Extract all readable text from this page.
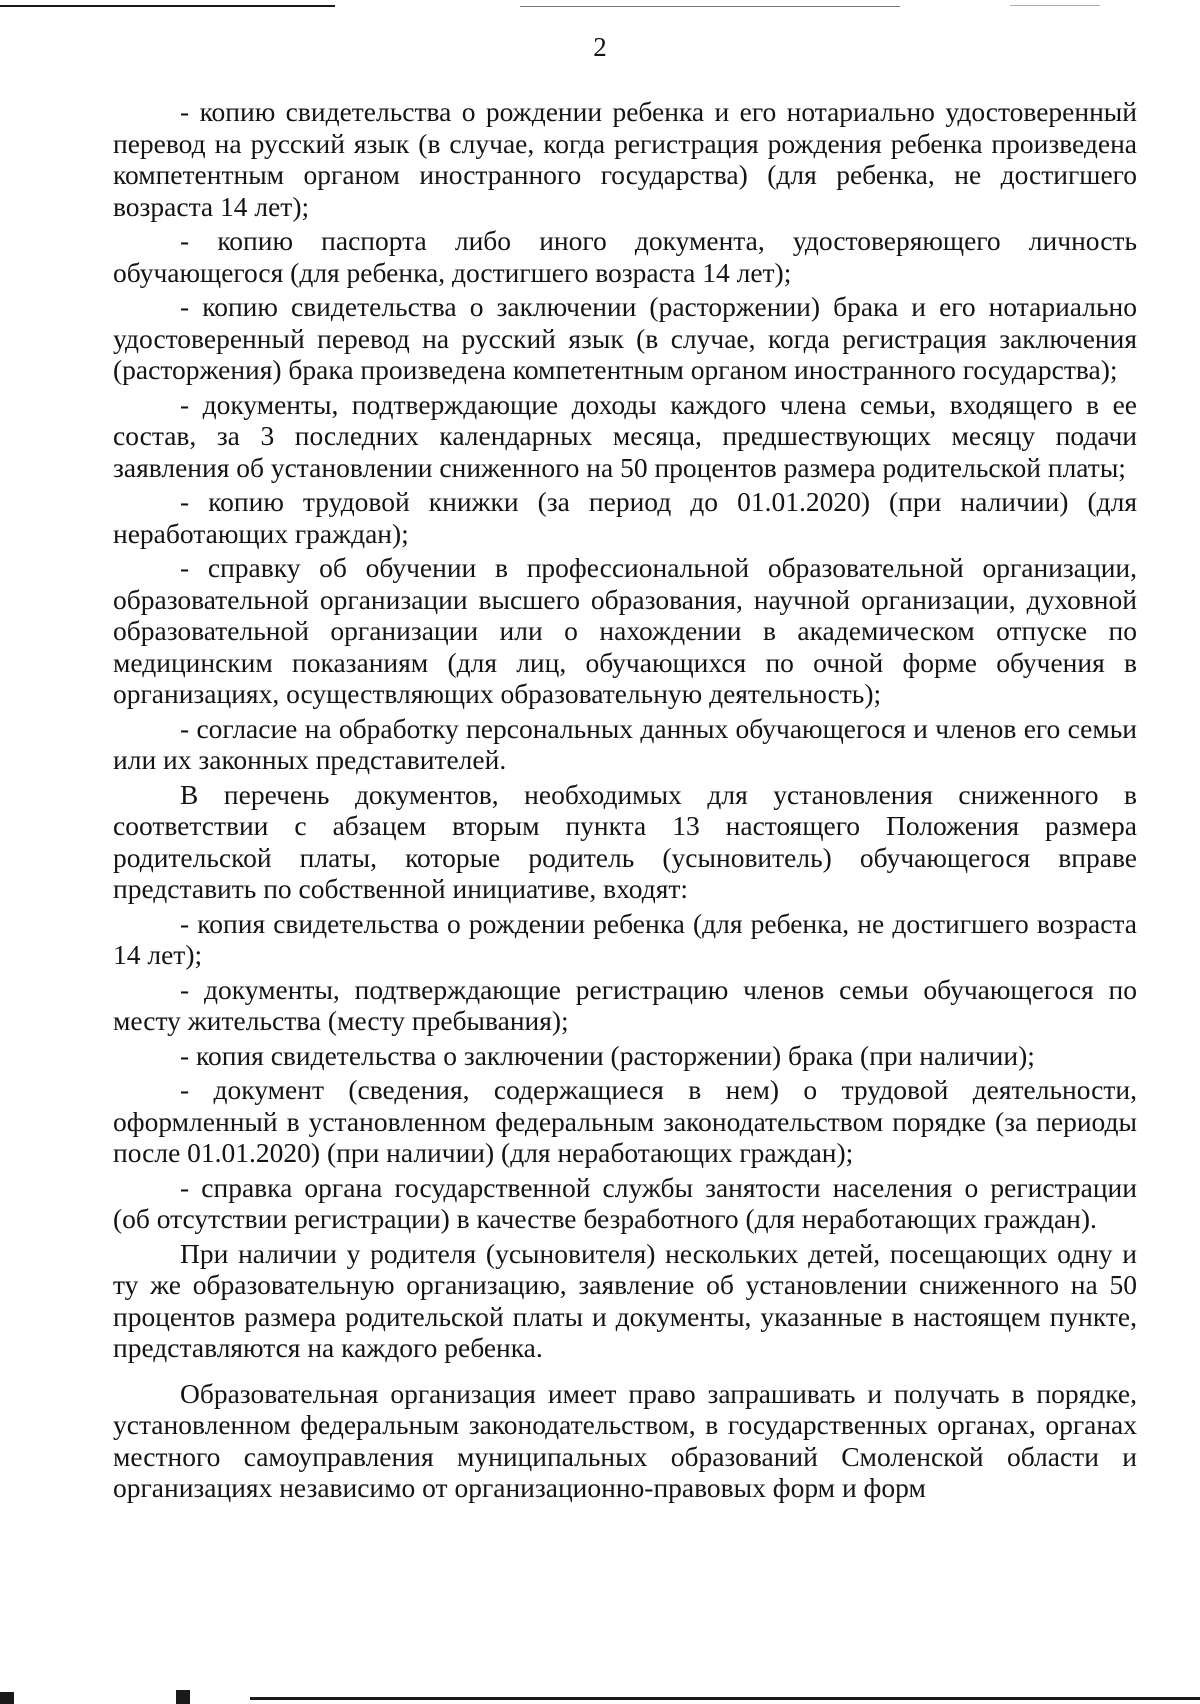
2

- копию свидетельства о рождении ребенка и его нотариально удостоверенный перевод на русский язык (в случае, когда регистрация рождения ребенка произведена компетентным органом иностранного государства) (для ребенка, не достигшего возраста 14 лет);

- копию паспорта либо иного документа, удостоверяющего личность обучающегося (для ребенка, достигшего возраста 14 лет);

- копию свидетельства о заключении (расторжении) брака и его нотариально удостоверенный перевод на русский язык (в случае, когда регистрация заключения (расторжения) брака произведена компетентным органом иностранного государства);

- документы, подтверждающие доходы каждого члена семьи, входящего в ее состав, за 3 последних календарных месяца, предшествующих месяцу подачи заявления об установлении сниженного на 50 процентов размера родительской платы;

- копию трудовой книжки (за период до 01.01.2020) (при наличии) (для неработающих граждан);

- справку об обучении в профессиональной образовательной организации, образовательной организации высшего образования, научной организации, духовной образовательной организации или о нахождении в академическом отпуске по медицинским показаниям (для лиц, обучающихся по очной форме обучения в организациях, осуществляющих образовательную деятельность);

- согласие на обработку персональных данных обучающегося и членов его семьи или их законных представителей.

В перечень документов, необходимых для установления сниженного в соответствии с абзацем вторым пункта 13 настоящего Положения размера родительской платы, которые родитель (усыновитель) обучающегося вправе представить по собственной инициативе, входят:

- копия свидетельства о рождении ребенка (для ребенка, не достигшего возраста 14 лет);

- документы, подтверждающие регистрацию членов семьи обучающегося по месту жительства (месту пребывания);

- копия свидетельства о заключении (расторжении) брака (при наличии);

- документ (сведения, содержащиеся в нем) о трудовой деятельности, оформленный в установленном федеральным законодательством порядке (за периоды после 01.01.2020) (при наличии) (для неработающих граждан);

- справка органа государственной службы занятости населения о регистрации (об отсутствии регистрации) в качестве безработного (для неработающих граждан).

При наличии у родителя (усыновителя) нескольких детей, посещающих одну и ту же образовательную организацию, заявление об установлении сниженного на 50 процентов размера родительской платы и документы, указанные в настоящем пункте, представляются на каждого ребенка.

Образовательная организация имеет право запрашивать и получать в порядке, установленном федеральным законодательством, в государственных органах, органах местного самоуправления муниципальных образований Смоленской области и организациях независимо от организационно-правовых форм и форм
